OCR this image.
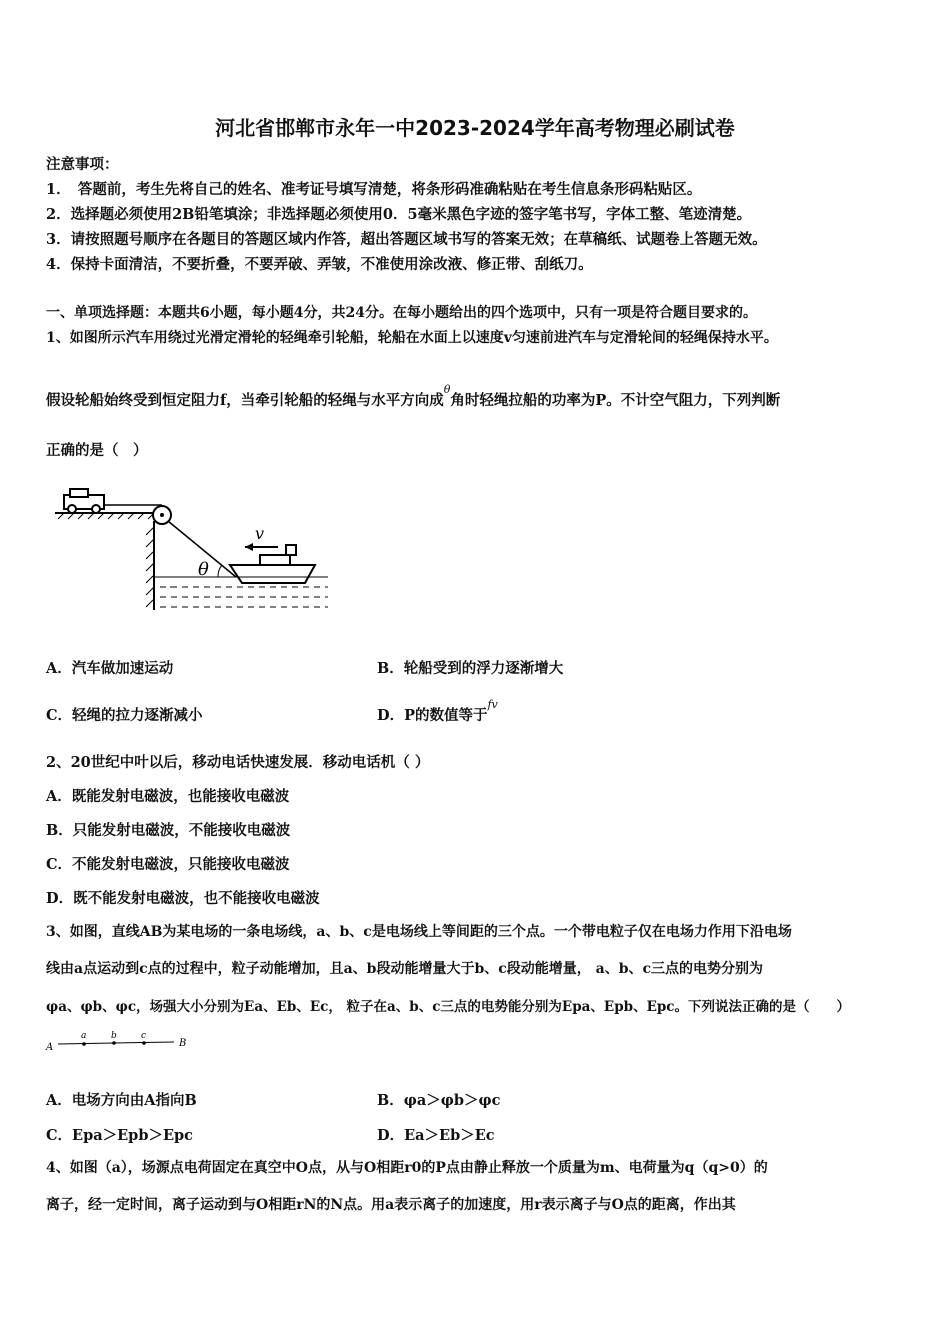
河北省邯郸市永年一中2023-2024学年高考物理必刷试卷
注意事项：
1．　答题前，考生先将自己的姓名、准考证号填写清楚，将条形码准确粘贴在考生信息条形码粘贴区。
2．选择题必须使用2B铅笔填涂；非选择题必须使用0．5毫米黑色字迹的签字笔书写，字体工整、笔迹清楚。
3．请按照题号顺序在各题目的答题区域内作答，超出答题区域书写的答案无效；在草稿纸、试题卷上答题无效。
4．保持卡面清洁，不要折叠，不要弄破、弄皱，不准使用涂改液、修正带、刮纸刀。
一、单项选择题：本题共6小题，每小题4分，共24分。在每小题给出的四个选项中，只有一项是符合题目要求的。
1、如图所示汽车用绕过光滑定滑轮的轻绳牵引轮船，轮船在水面上以速度v匀速前进汽车与定滑轮间的轻绳保持水平。
假设轮船始终受到恒定阻力f，当牵引轮船的轻绳与水平方向成$^\theta$角时轻绳拉船的功率为P。不计空气阻力，下列判断
正确的是（　）
θ
v
A．汽车做加速运动	B．轮船受到的浮力逐渐增大
C．轻绳的拉力逐渐减小	D．P的数值等于$^{fv}$
2、20世纪中叶以后，移动电话快速发展．移动电话机（ ）
A．既能发射电磁波，也能接收电磁波
B．只能发射电磁波，不能接收电磁波
C．不能发射电磁波，只能接收电磁波
D．既不能发射电磁波，也不能接收电磁波
3、如图，直线AB为某电场的一条电场线，a、b、c是电场线上等间距的三个点。一个带电粒子仅在电场力作用下沿电场
线由a点运动到c点的过程中，粒子动能增加，且a、b段动能增量大于b、c段动能增量， a、b、c三点的电势分别为
φa、φb、φc，场强大小分别为Ea、Eb、Ec， 粒子在a、b、c三点的电势能分别为Epa、Epb、Epc。下列说法正确的是（　　）
A
a	b	c
B
A．电场方向由A指向B	B．φa＞φb＞φc
C．Epa＞Epb＞Epc	D．Ea＞Eb＞Ec
4、如图（a），场源点电荷固定在真空中O点，从与O相距r0的P点由静止释放一个质量为m、电荷量为q（q>0）的
离子，经一定时间，离子运动到与O相距rN的N点。用a表示离子的加速度，用r表示离子与O点的距离，作出其
